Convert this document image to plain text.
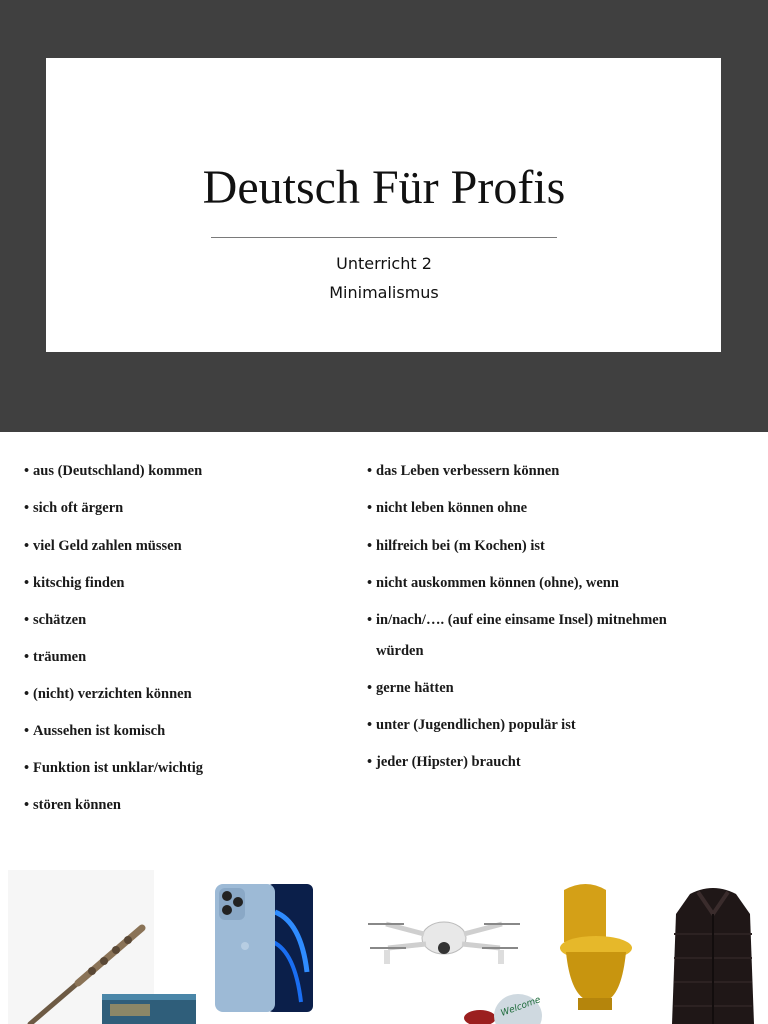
Deutsch Für Profis
Unterricht 2
Minimalismus
• aus (Deutschland) kommen
• sich oft ärgern
• viel Geld zahlen müssen
• kitschig finden
• schätzen
• träumen
• (nicht) verzichten können
• Aussehen ist komisch
• Funktion ist unklar/wichtig
• stören können
• das Leben verbessern können
• nicht leben können ohne
• hilfreich bei (m Kochen) ist
• nicht auskommen können (ohne), wenn
• in/nach/…. (auf eine einsame Insel) mitnehmen
würden
• gerne hätten
• unter (Jugendlichen) populär ist
• jeder (Hipster) braucht
Welcome
